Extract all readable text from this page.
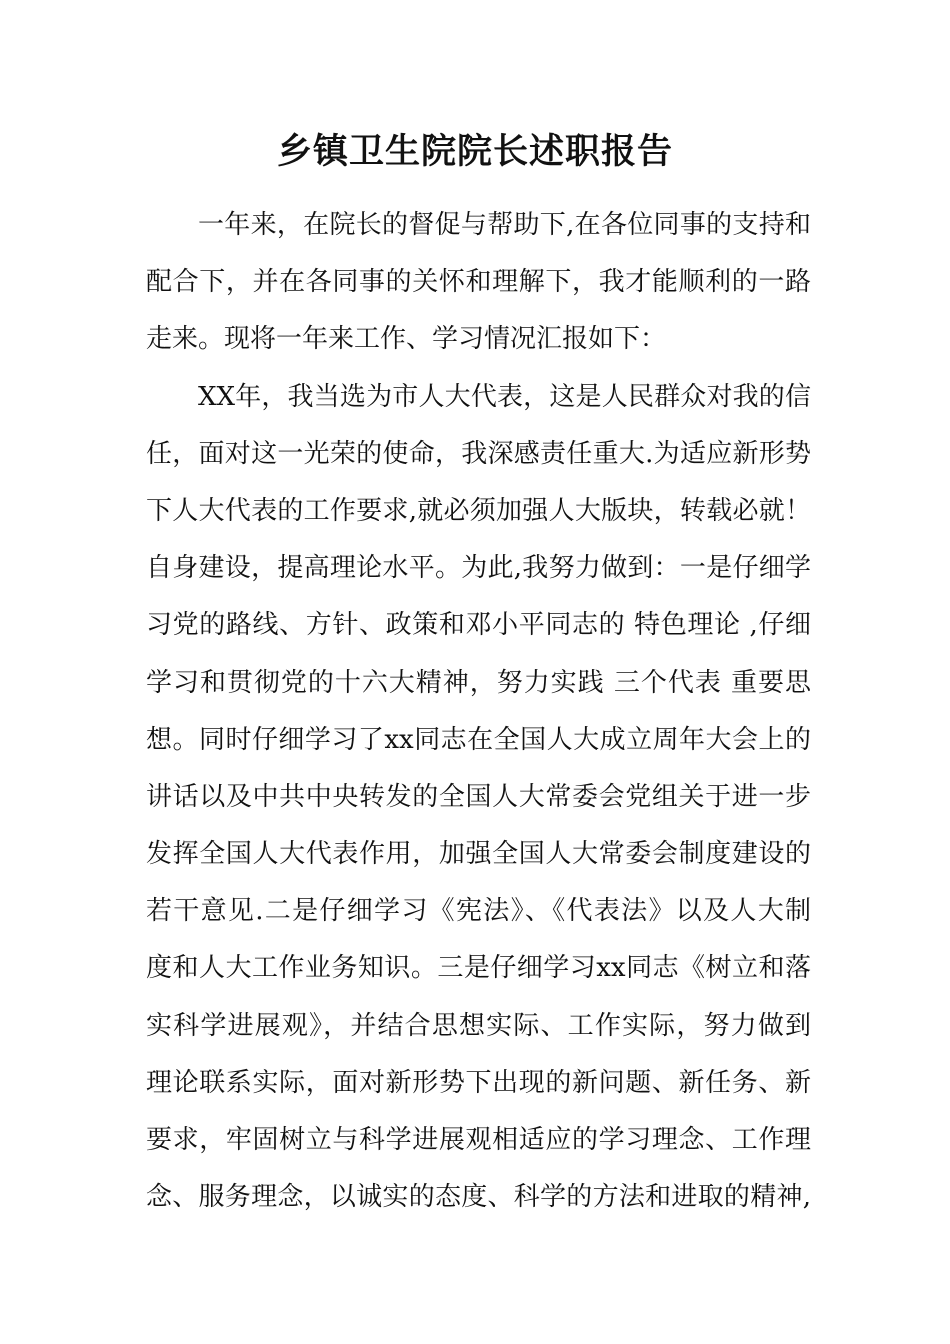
乡镇卫生院院长述职报告
一年来，在院长的督促与帮助下,在各位同事的支持和
配合下，并在各同事的关怀和理解下，我才能顺利的一路
走来。现将一年来工作、学习情况汇报如下：
XX年，我当选为市人大代表，这是人民群众对我的信
任，面对这一光荣的使命，我深感责任重大.为适应新形势
下人大代表的工作要求,就必须加强人大版块，转载必就！
自身建设，提高理论水平。为此,我努力做到：一是仔细学
习党的路线、方针、政策和邓小平同志的 特色理论 ,仔细
学习和贯彻党的十六大精神，努力实践 三个代表 重要思
想。同时仔细学习了xx同志在全国人大成立周年大会上的
讲话以及中共中央转发的全国人大常委会党组关于进一步
发挥全国人大代表作用，加强全国人大常委会制度建设的
若干意见.二是仔细学习《宪法》、《代表法》以及人大制
度和人大工作业务知识。三是仔细学习xx同志《树立和落
实科学进展观》，并结合思想实际、工作实际，努力做到
理论联系实际，面对新形势下出现的新问题、新任务、新
要求，牢固树立与科学进展观相适应的学习理念、工作理
念、服务理念，以诚实的态度、科学的方法和进取的精神,
